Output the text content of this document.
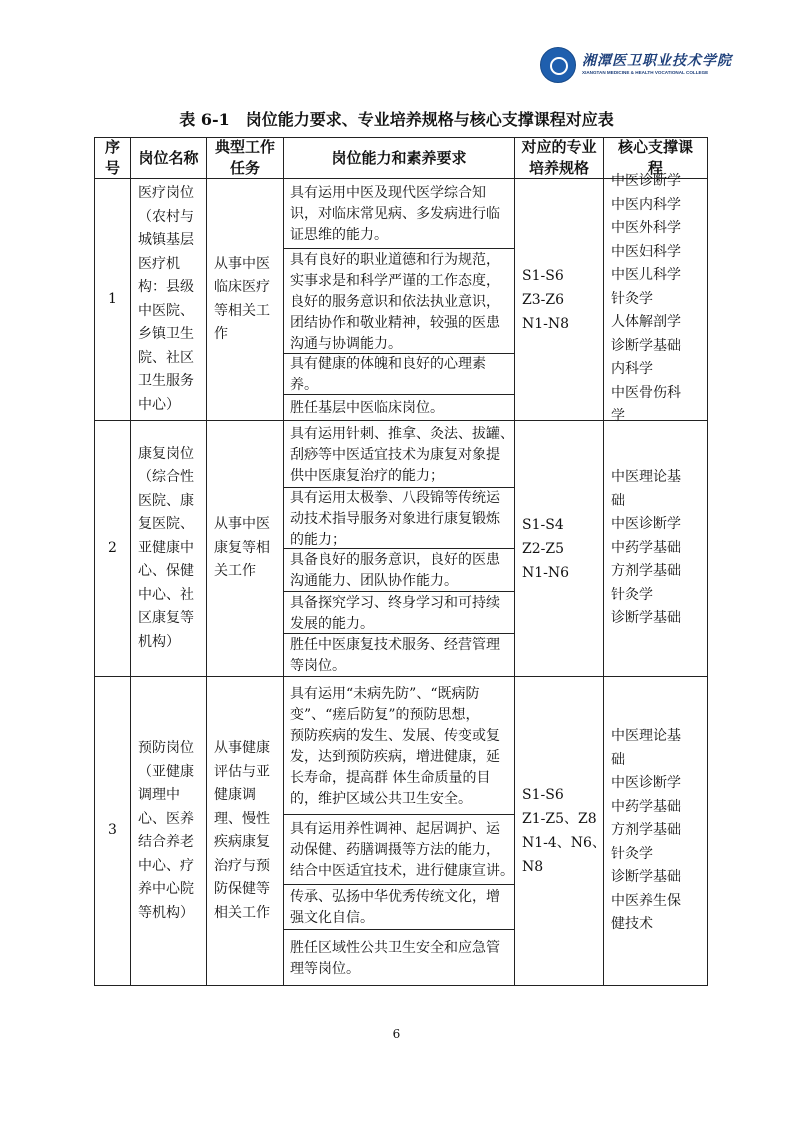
湘潭医卫职业技术学院
XIANGTAN MEDICINE & HEALTH VOCATIONAL COLLEGE
表 6-1　岗位能力要求、专业培养规格与核心支撑课程对应表
序
号
岗位名称
典型工作
任务
岗位能力和素养要求
对应的专业
培养规格
核心支撑课
程
1
医疗岗位
（农村与
城镇基层
医疗机
构：县级
中医院、
乡镇卫生
院、社区
卫生服务
中心）
从事中医
临床医疗
等相关工
作
具有运用中医及现代医学综合知
识，对临床常见病、多发病进行临
证思维的能力。
具有良好的职业道德和行为规范，
实事求是和科学严谨的工作态度，
良好的服务意识和依法执业意识，
团结协作和敬业精神，较强的医患
沟通与协调能力。
具有健康的体魄和良好的心理素
养。
胜任基层中医临床岗位。
S1-S6
Z3-Z6
N1-N8
中医诊断学
中医内科学
中医外科学
中医妇科学
中医儿科学
针灸学
人体解剖学
诊断学基础
内科学
中医骨伤科
学
2
康复岗位
（综合性
医院、康
复医院、
亚健康中
心、保健
中心、社
区康复等
机构）
从事中医
康复等相
关工作
具有运用针刺、推拿、灸法、拔罐、
刮痧等中医适宜技术为康复对象提
供中医康复治疗的能力；
具有运用太极拳、八段锦等传统运
动技术指导服务对象进行康复锻炼
的能力；
具备良好的服务意识，良好的医患
沟通能力、团队协作能力。
具备探究学习、终身学习和可持续
发展的能力。
胜任中医康复技术服务、经营管理
等岗位。
S1-S4
Z2-Z5
N1-N6
中医理论基
础
中医诊断学
中药学基础
方剂学基础
针灸学
诊断学基础
3
预防岗位
（亚健康
调理中
心、医养
结合养老
中心、疗
养中心院
等机构）
从事健康
评估与亚
健康调
理、慢性
疾病康复
治疗与预
防保健等
相关工作
具有运用“未病先防”、“既病防
变”、“瘥后防复”的预防思想，
预防疾病的发生、发展、传变或复
发，达到预防疾病，增进健康，延
长寿命，提高群 体生命质量的目
的，维护区域公共卫生安全。
具有运用养性调神、起居调护、运
动保健、药膳调摄等方法的能力，
结合中医适宜技术，进行健康宣讲。
传承、弘扬中华优秀传统文化，增
强文化自信。
胜任区域性公共卫生安全和应急管
理等岗位。
S1-S6
Z1-Z5、Z8
N1-4、N6、
N8
中医理论基
础
中医诊断学
中药学基础
方剂学基础
针灸学
诊断学基础
中医养生保
健技术
6
